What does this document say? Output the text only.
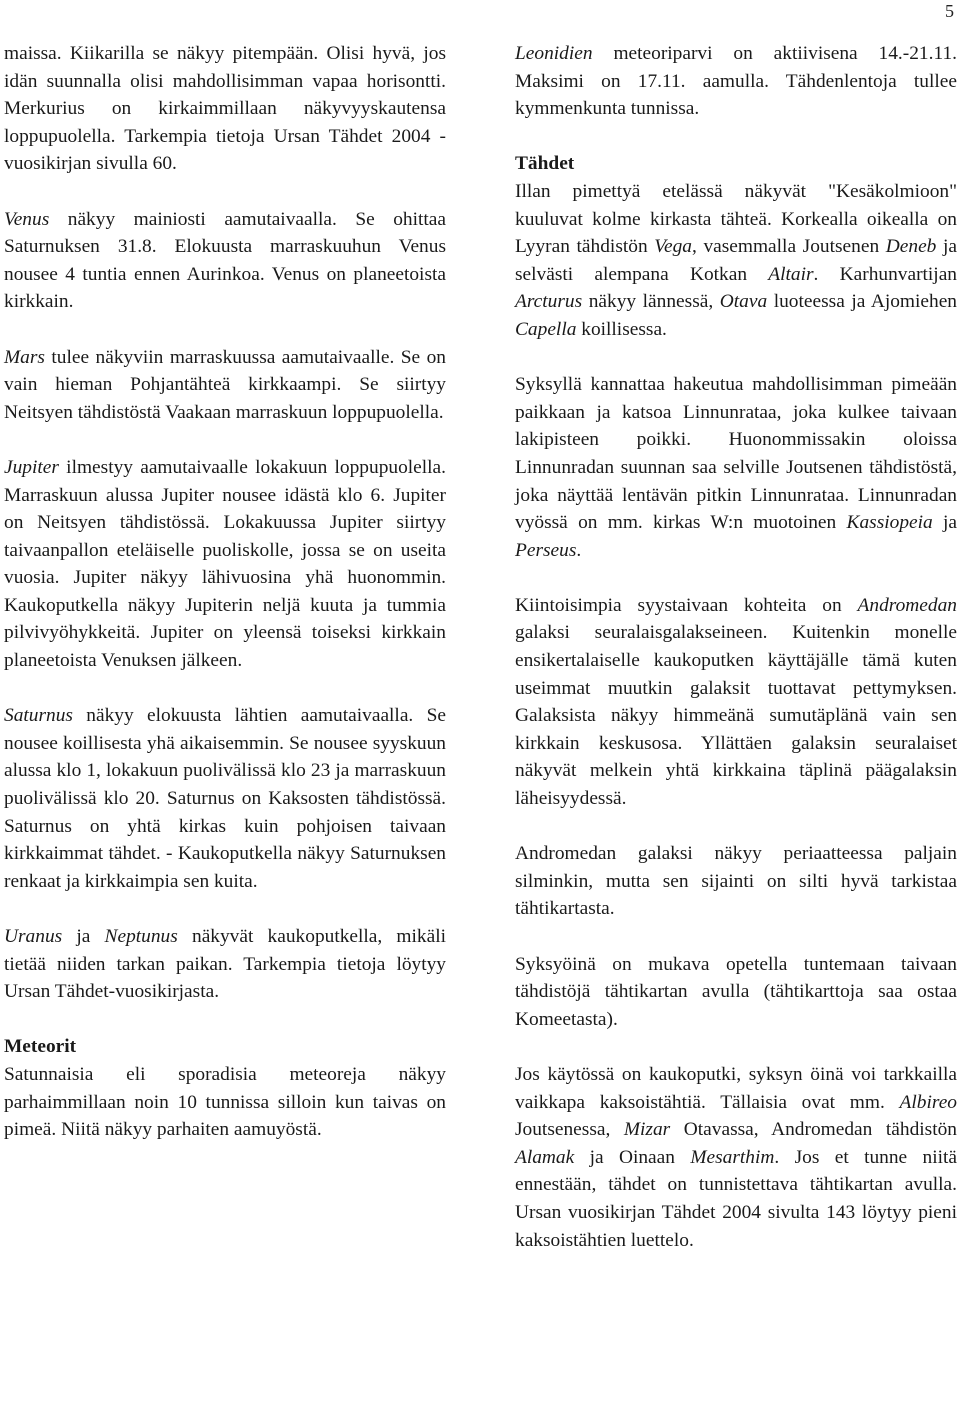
5

maissa. Kiikarilla se näkyy pitempään. Olisi hyvä, jos idän suunnalla olisi mahdollisimman vapaa horisontti. Merkurius on kirkaimmillaan näkyvyyskautensa loppupuolella. Tarkempia tietoja Ursan Tähdet 2004 -vuosikirjan sivulla 60.

Venus näkyy mainiosti aamutaivaalla. Se ohittaa Saturnuksen 31.8. Elokuusta marraskuuhun Venus nousee 4 tuntia ennen Aurinkoa. Venus on planeetoista kirkkain.

Mars tulee näkyviin marraskuussa aamutaivaalle. Se on vain hieman Pohjantähteä kirkkaampi. Se siirtyy Neitsyen tähdistöstä Vaakaan marraskuun loppupuolella.

Jupiter ilmestyy aamutaivaalle lokakuun loppupuolella. Marraskuun alussa Jupiter nousee idästä klo 6. Jupiter on Neitsyen tähdistössä. Lokakuussa Jupiter siirtyy taivaanpallon eteläiselle puoliskolle, jossa se on useita vuosia. Jupiter näkyy lähivuosina yhä huonommin. Kaukoputkella näkyy Jupiterin neljä kuuta ja tummia pilvivyöhykkeitä. Jupiter on yleensä toiseksi kirkkain planeetoista Venuksen jälkeen.

Saturnus näkyy elokuusta lähtien aamutaivaalla. Se nousee koillisesta yhä aikaisemmin. Se nousee syyskuun alussa klo 1, lokakuun puolivälissä klo 23 ja marraskuun puolivälissä klo 20. Saturnus on Kaksosten tähdistössä. Saturnus on yhtä kirkas kuin pohjoisen taivaan kirkkaimmat tähdet. - Kaukoputkella näkyy Saturnuksen renkaat ja kirkkaimpia sen kuita.

Uranus ja Neptunus näkyvät kaukoputkella, mikäli tietää niiden tarkan paikan. Tarkempia tietoja löytyy Ursan Tähdet-vuosikirjasta.

Meteorit
Satunnaisia eli sporadisia meteoreja näkyy parhaimmillaan noin 10 tunnissa silloin kun taivas on pimeä. Niitä näkyy parhaiten aamuyöstä.

Leonidien meteoriparvi on aktiivisena 14.-21.11. Maksimi on 17.11. aamulla. Tähdenlentoja tullee kymmenkunta tunnissa.

Tähdet
Illan pimettyä etelässä näkyvät "Kesäkolmioon" kuuluvat kolme kirkasta tähteä. Korkealla oikealla on Lyyran tähdistön Vega, vasemmalla Joutsenen Deneb ja selvästi alempana Kotkan Altair. Karhunvartijan Arcturus näkyy lännessä, Otava luoteessa ja Ajomiehen Capella koillisessa.

Syksyllä kannattaa hakeutua mahdollisimman pimeään paikkaan ja katsoa Linnunrataa, joka kulkee taivaan lakipisteen poikki. Huonommissakin oloissa Linnunradan suunnan saa selville Joutsenen tähdistöstä, joka näyttää lentävän pitkin Linnunrataa. Linnunradan vyössä on mm. kirkas W:n muotoinen Kassiopeia ja Perseus.

Kiintoisimpia syystaivaan kohteita on Andromedan galaksi seuralaisgalakseineen. Kuitenkin monelle ensikertalaiselle kaukoputken käyttäjälle tämä kuten useimmat muutkin galaksit tuottavat pettymyksen. Galaksista näkyy himmeänä sumutäplänä vain sen kirkkain keskusosa. Yllättäen galaksin seuralaiset näkyvät melkein yhtä kirkkaina täplinä päägalaksin läheisyydessä.

Andromedan galaksi näkyy periaatteessa paljain silminkin, mutta sen sijainti on silti hyvä tarkistaa tähtikartasta.

Syksyöinä on mukava opetella tuntemaan taivaan tähdistöjä tähtikartan avulla (tähtikarttoja saa ostaa Komeetasta).

Jos käytössä on kaukoputki, syksyn öinä voi tarkkailla vaikkapa kaksoistähtiä. Tällaisia ovat mm. Albireo Joutsenessa, Mizar Otavassa, Andromedan tähdistön Alamak ja Oinaan Mesarthim. Jos et tunne niitä ennestään, tähdet on tunnistettava tähtikartan avulla. Ursan vuosikirjan Tähdet 2004 sivulta 143 löytyy pieni kaksoistähtien luettelo.
